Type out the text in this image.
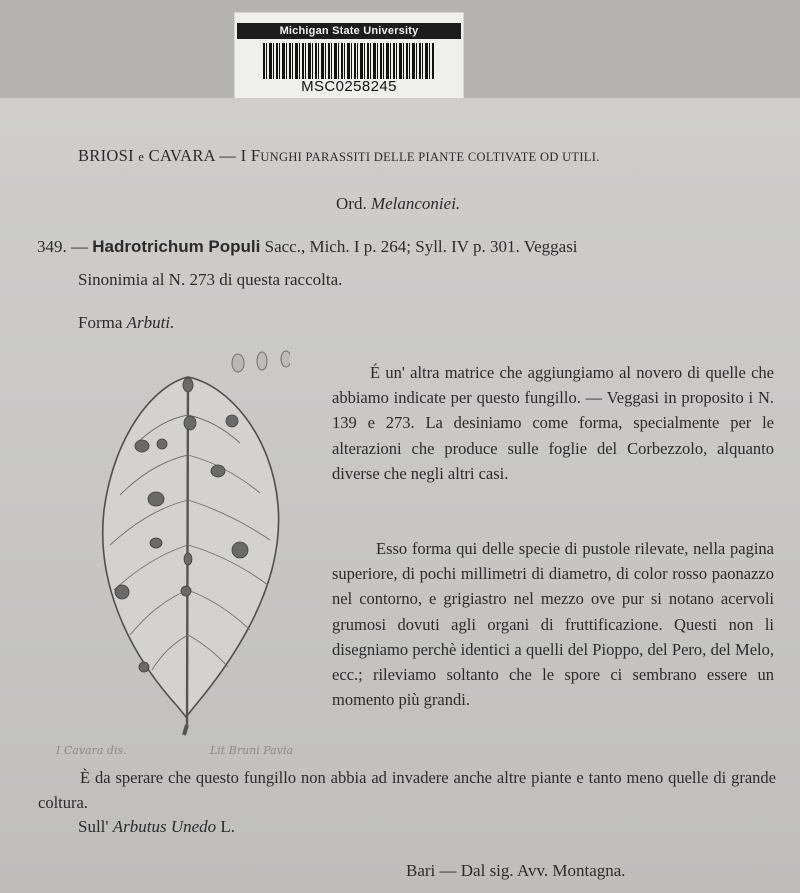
Michigan State University
MSC0258245
BRIOSI e CAVARA — I FUNGHI PARASSITI DELLE PIANTE COLTIVATE OD UTILI.
Ord. Melanconiei.
349. — Hadrotrichum Populi Sacc., Mich. I p. 264; Syll. IV p. 301. Veggasi
Sinonimia al N. 273 di questa raccolta.
Forma Arbuti.
É un' altra matrice che aggiungiamo al novero di quelle che abbiamo indicate per questo fungillo. — Veggasi in proposito i N. 139 e 273. La desiniamo come forma, specialmente per le alterazioni che produce sulle foglie del Corbezzolo, alquanto diverse che negli altri casi.
Esso forma qui delle specie di pustole rilevate, nella pagina superiore, di pochi millimetri di diametro, di color rosso paonazzo nel contorno, e grigiastro nel mezzo ove pur si notano acervoli grumosi dovuti agli organi di fruttificazione. Questi non li disegniamo perchè identici a quelli del Pioppo, del Pero, del Melo, ecc.; rileviamo soltanto che le spore ci sembrano essere un momento più grandi.
I Cavara dis.	Lit Bruni Pavia
È da sperare che questo fungillo non abbia ad invadere anche altre piante e tanto meno quelle di grande coltura.
Sull' Arbutus Unedo L.
Bari — Dal sig. Avv. Montagna.
